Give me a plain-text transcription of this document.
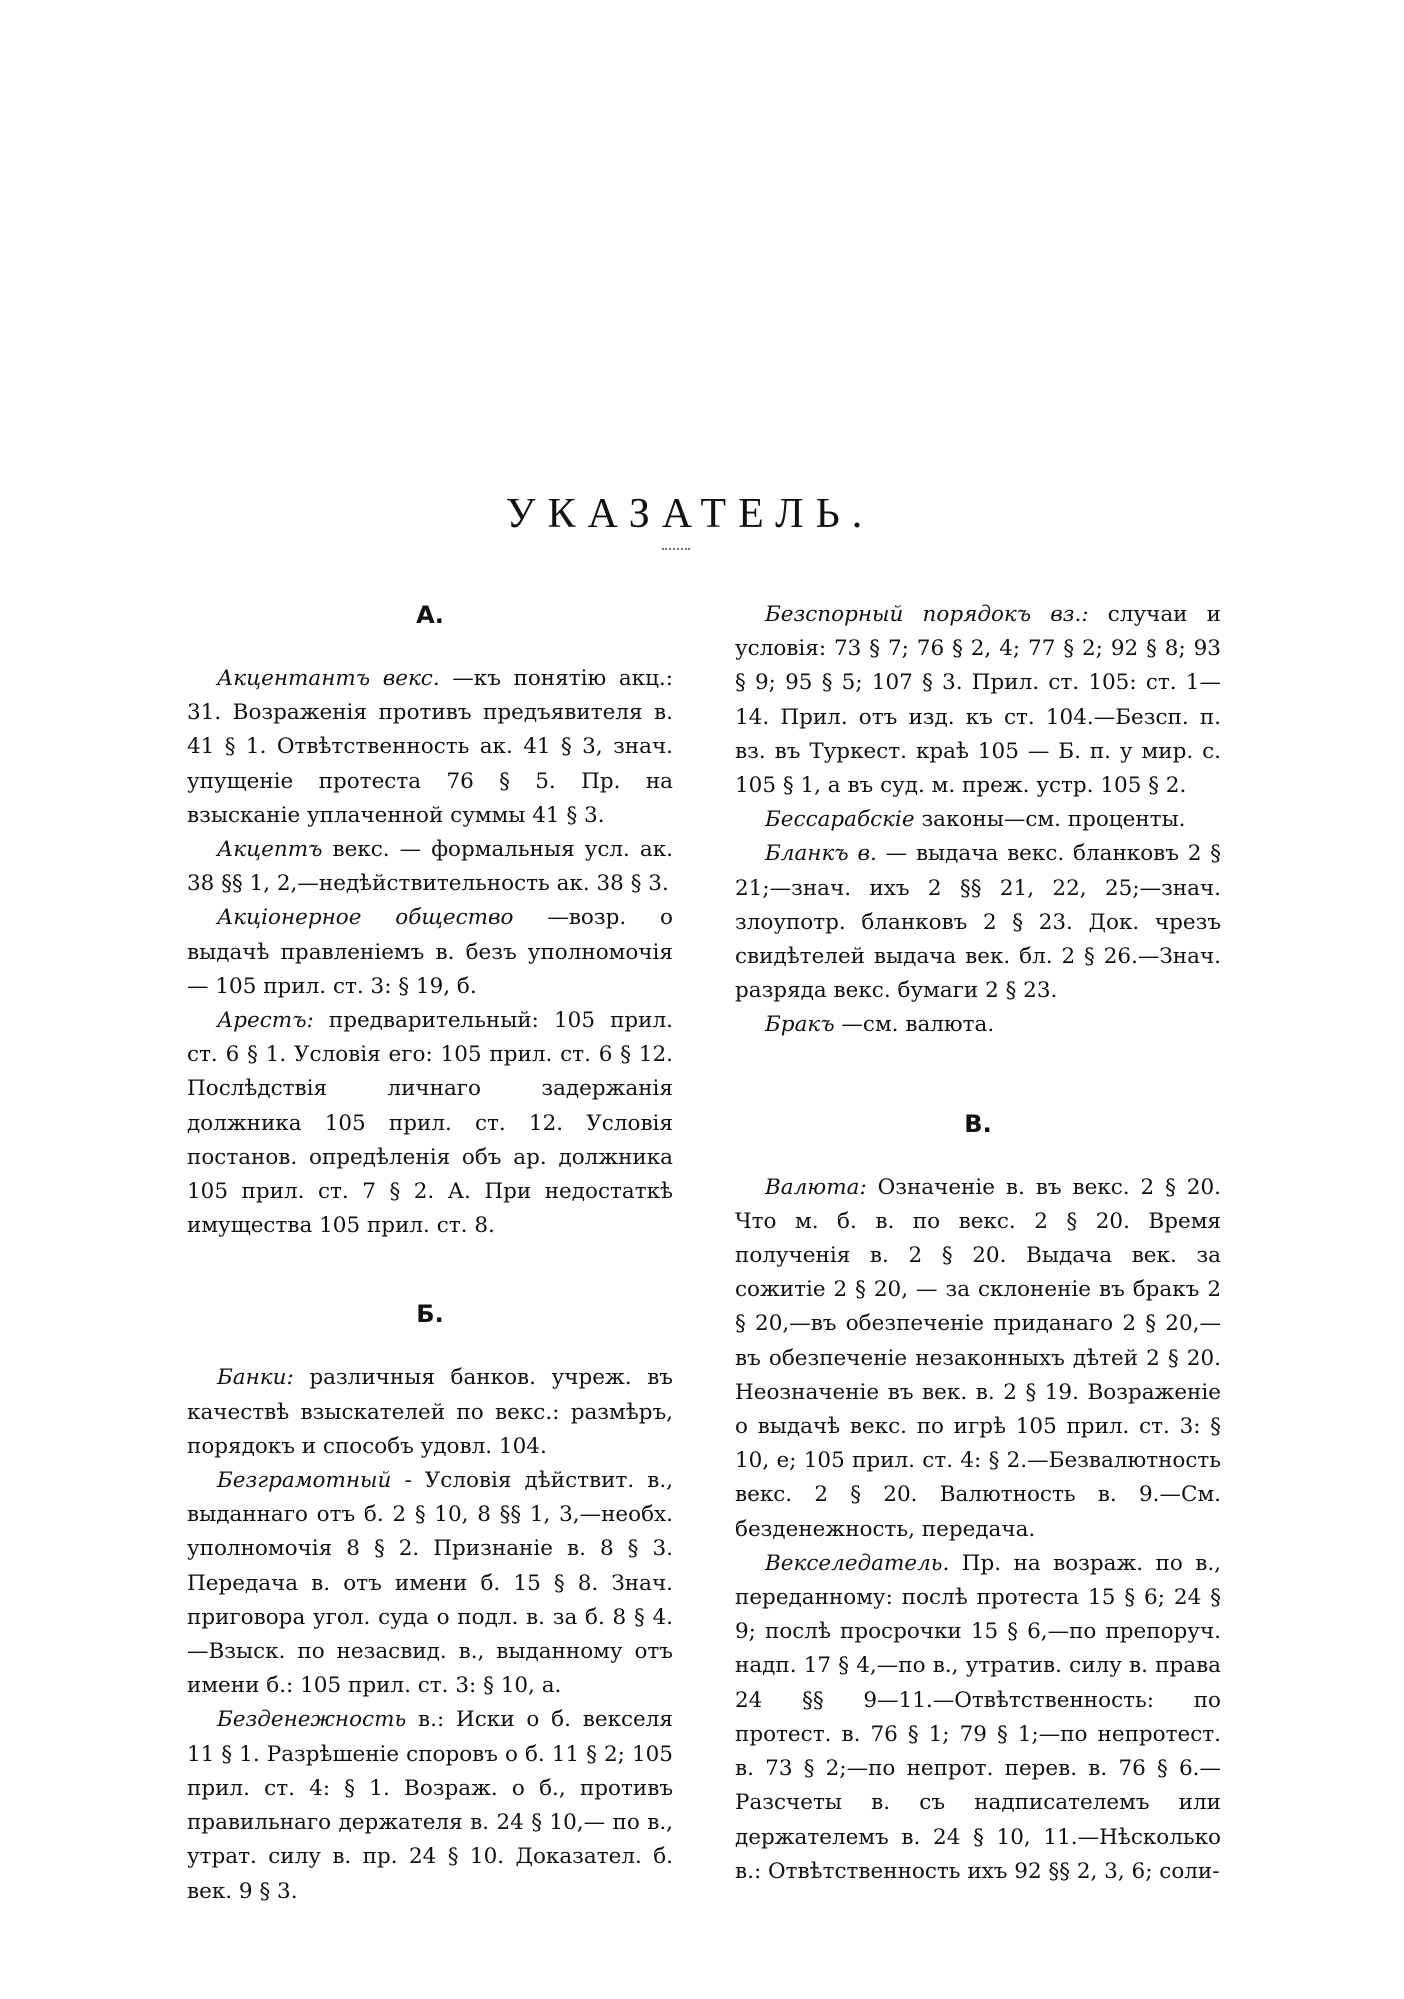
УКАЗАТЕЛЬ.
А.

Акцентантъ векс. —къ понятію акц.: 31. Возраженія противъ предъявителя в. 41 § 1. Отвѣтственность ак. 41 § 3, знач. упущеніе протеста 76 § 5. Пр. на взысканіе уплаченной суммы 41 § 3.

Акцептъ векс. — формальныя усл. ак. 38 §§ 1, 2,—недѣйствительность ак. 38 § 3.

Акціонерное общество —возр. о выдачѣ правленіемъ в. безъ уполномочія — 105 прил. ст. 3: § 19, б.

Арестъ: предварительный: 105 прил. ст. 6 § 1. Условія его: 105 прил. ст. 6 § 12. Послѣдствія личнаго задержанія должника 105 прил. ст. 12. Условія постанов. опредѣленія объ ар. должника 105 прил. ст. 7 § 2. А. При недостаткѣ имущества 105 прил. ст. 8.

Б.

Банки: различныя банков. учреж. въ качествѣ взыскателей по векс.: размѣръ, порядокъ и способъ удовл. 104.

Безграмотный - Условія дѣйствит. в., выданнаго отъ б. 2 § 10, 8 §§ 1, 3,—необх. уполномочія 8 § 2. Признаніе в. 8 § 3. Передача в. отъ имени б. 15 § 8. Знач. приговора угол. суда о подл. в. за б. 8 § 4.—Взыск. по незасвид. в., выданному отъ имени б.: 105 прил. ст. 3: § 10, а.

Безденежность в.: Иски о б. векселя 11 § 1. Разрѣшеніе споровъ о б. 11 § 2; 105 прил. ст. 4: § 1. Возраж. о б., противъ правильнаго держателя в. 24 § 10,— по в., утрат. силу в. пр. 24 § 10. Доказател. б. век. 9 § 3.

Безспорный порядокъ вз.: случаи и условія: 73 § 7; 76 § 2, 4; 77 § 2; 92 § 8; 93 § 9; 95 § 5; 107 § 3. Прил. ст. 105: ст. 1—14. Прил. отъ изд. къ ст. 104.—Безсп. п. вз. въ Туркест. краѣ 105 — Б. п. у мир. с. 105 § 1, а въ суд. м. преж. устр. 105 § 2.

Бессарабскіе законы—см. проценты.

Бланкъ в. — выдача векс. бланковъ 2 § 21;—знач. ихъ 2 §§ 21, 22, 25;—знач. злоупотр. бланковъ 2 § 23. Док. чрезъ свидѣтелей выдача век. бл. 2 § 26.—Знач. разряда векс. бумаги 2 § 23.

Бракъ —см. валюта.

В.

Валюта: Означеніе в. въ векс. 2 § 20. Что м. б. в. по векс. 2 § 20. Время полученія в. 2 § 20. Выдача век. за сожитіе 2 § 20, — за склоненіе въ бракъ 2 § 20,—въ обезпеченіе приданаго 2 § 20,—въ обезпеченіе незаконныхъ дѣтей 2 § 20. Неозначеніе въ век. в. 2 § 19. Возраженіе о выдачѣ векс. по игрѣ 105 прил. ст. 3: § 10, е; 105 прил. ст. 4: § 2.—Безвалютность векс. 2 § 20. Валютность в. 9.—См. безденежность, передача.

Векселедатель. Пр. на возраж. по в., переданному: послѣ протеста 15 § 6; 24 § 9; послѣ просрочки 15 § 6,—по препоруч. надп. 17 § 4,—по в., утратив. силу в. права 24 §§ 9—11.—Отвѣтственность: по протест. в. 76 § 1; 79 § 1;—по непротест. в. 73 § 2;—по непрот. перев. в. 76 § 6.—Разсчеты в. съ надписателемъ или держателемъ в. 24 § 10, 11.—Нѣсколько в.: Отвѣтственность ихъ 92 §§ 2, 3, 6; соли-
